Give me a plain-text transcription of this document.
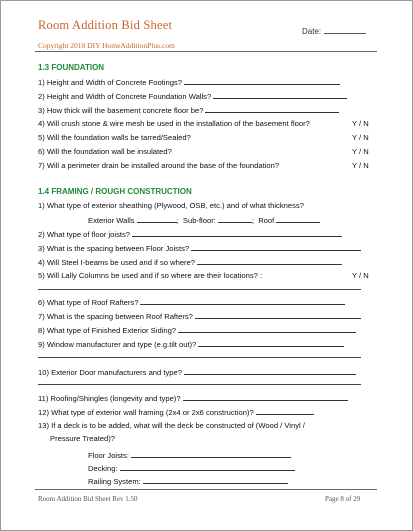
Room Addition Bid Sheet
Copyright 2010 DIY HomeAdditionPlus.com
Date:
1.3 FOUNDATION
1) Height and Width of Concrete Footings?
2) Height and Width of Concrete Foundation Walls?
3) How thick will the basement concrete floor be?
4) Will crush stone & wire mesh be used in the installation of the basement floor?	Y / N
5) Will the foundation walls be tarred/Sealed?	Y / N
6) Will the foundation wall be insulated?	Y / N
7) Will a perimeter drain be installed around the base of the foundation?	Y / N
1.4 FRAMING / ROUGH CONSTRUCTION
1) What type of exterior sheathing (Plywood, OSB, etc.) and of what thickness?
Exterior Walls	;  Sub-floor:	;  Roof
2) What type of floor joists?
3) What is the spacing between Floor Joists?
4) Will Steel I-beams be used and if so where?
5) Will Lally Columns be used and if so where are their locations? :	Y / N
6) What type of Roof Rafters?
7) What is the spacing between Roof Rafters?
8) What type of Finished Exterior Siding?
9) Window manufacturer and type (e.g.tilt out)?
10) Exterior Door manufacturers and type?
11) Roofing/Shingles (longevity and type)?
12) What type of exterior wall framing (2x4 or 2x6 construction)?
13) If a deck is to be added, what will the deck be constructed of (Wood / Vinyl /
Pressure Treated)?
Floor Joists:
Decking:
Railing System:
Room Addition Bid Sheet Rev 1.50	Page 8 of 29
